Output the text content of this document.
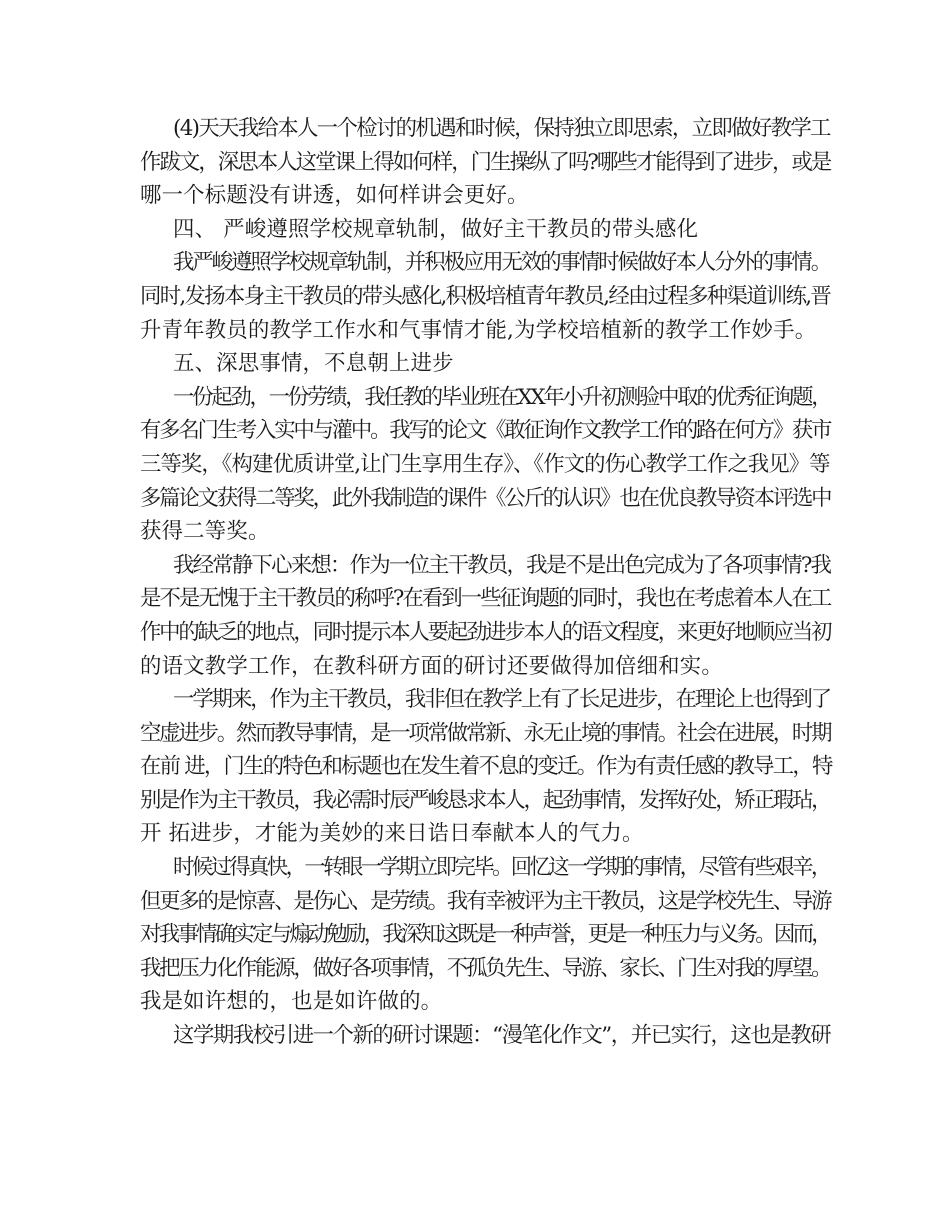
(4)天天我给本人一个检讨的机遇和时候，保持独立即思索，立即做好教学工
作跋文，深思本人这堂课上得如何样，门生操纵了吗?哪些才能得到了进步，或是
哪一个标题没有讲透，如何样讲会更好。
四、 严峻遵照学校规章轨制，做好主干教员的带头感化
我严峻遵照学校规章轨制，并积极应用无效的事情时候做好本人分外的事情。
同时,发扬本身主干教员的带头感化,积极培植青年教员,经由过程多种渠道训练,晋
升青年教员的教学工作水和气事情才能,为学校培植新的教学工作妙手。
五、深思事情，不息朝上进步
一份起劲，一份劳绩，我任教的毕业班在XX年小升初测验中取的优秀征询题，
有多名门生考入实中与灌中。我写的论文《敢征询作文教学工作的路在何方》获市
三等奖，《构建优质讲堂,让门生享用生存》、《作文的伤心教学工作之我见》等
多篇论文获得二等奖，此外我制造的课件《公斤的认识》也在优良教导资本评选中
获得二等奖。
我经常静下心来想：作为一位主干教员，我是不是出色完成为了各项事情?我
是不是无愧于主干教员的称呼?在看到一些征询题的同时，我也在考虑着本人在工
作中的缺乏的地点，同时提示本人要起劲进步本人的语文程度，来更好地顺应当初
的语文教学工作，在教科研方面的研讨还要做得加倍细和实。
一学期来，作为主干教员，我非但在教学上有了长足进步，在理论上也得到了
空虚进步。然而教导事情，是一项常做常新、永无止境的事情。社会在进展，时期
在前 进，门生的特色和标题也在发生着不息的变迁。作为有责任感的教导工，特
别是作为主干教员，我必需时辰严峻恳求本人，起劲事情，发挥好处，矫正瑕玷，
开 拓进步，才能为美妙的来日诰日奉献本人的气力。
时候过得真快，一转眼一学期立即完毕。回忆这一学期的事情，尽管有些艰辛，
但更多的是惊喜、是伤心、是劳绩。我有幸被评为主干教员，这是学校先生、导游
对我事情确实定与煽动勉励，我深知这既是一种声誉，更是一种压力与义务。因而，
我把压力化作能源，做好各项事情，不孤负先生、导游、家长、门生对我的厚望。
我是如许想的，也是如许做的。
这学期我校引进一个新的研讨课题：“漫笔化作文”，并已实行，这也是教研
